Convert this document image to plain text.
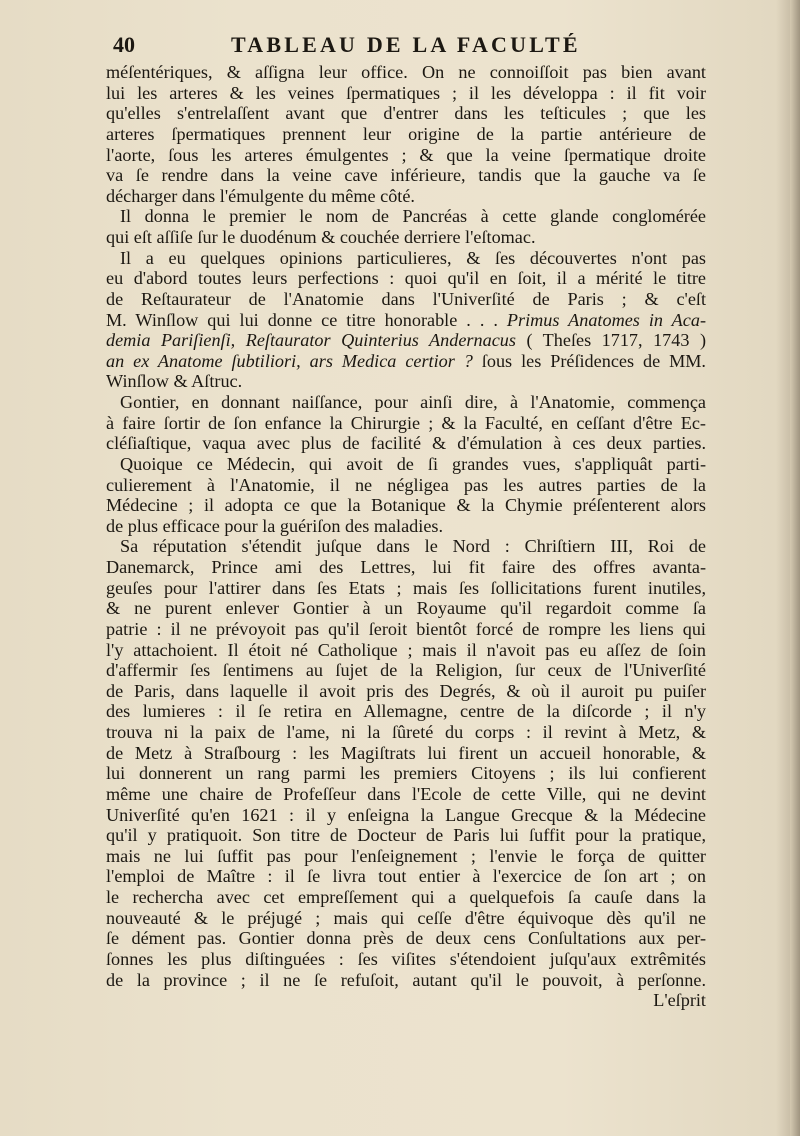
40	TABLEAU DE LA FACULTÉ
méſentériques, & aſſigna leur office. On ne connoiſſoit pas bien avant
lui les arteres & les veines ſpermatiques ; il les développa : il fit voir
qu'elles s'entrelaſſent avant que d'entrer dans les teſticules ; que les
arteres ſpermatiques prennent leur origine de la partie antérieure de
l'aorte, ſous les arteres émulgentes ; & que la veine ſpermatique droite
va ſe rendre dans la veine cave inférieure, tandis que la gauche va ſe
décharger dans l'émulgente du même côté.
Il donna le premier le nom de Pancréas à cette glande conglomérée
qui eſt aſſiſe ſur le duodénum & couchée derriere l'eſtomac.
Il a eu quelques opinions particulieres, & ſes découvertes n'ont pas
eu d'abord toutes leurs perfections : quoi qu'il en ſoit, il a mérité le titre
de Reſtaurateur de l'Anatomie dans l'Univerſité de Paris ; & c'eſt
M. Winſlow qui lui donne ce titre honorable . . . Primus Anatomes in Aca-
demia Pariſienſi, Reſtaurator Quinterius Andernacus ( Theſes 1717, 1743 )
an ex Anatome ſubtiliori, ars Medica certior ? ſous les Préſidences de MM.
Winſlow & Aſtruc.
Gontier, en donnant naiſſance, pour ainſi dire, à l'Anatomie, commença
à faire ſortir de ſon enfance la Chirurgie ; & la Faculté, en ceſſant d'être Ec-
cléſiaſtique, vaqua avec plus de facilité & d'émulation à ces deux parties.
Quoique ce Médecin, qui avoit de ſi grandes vues, s'appliquât parti-
culierement à l'Anatomie, il ne négligea pas les autres parties de la
Médecine ; il adopta ce que la Botanique & la Chymie préſenterent alors
de plus efficace pour la guériſon des maladies.
Sa réputation s'étendit juſque dans le Nord : Chriſtiern III, Roi de
Danemarck, Prince ami des Lettres, lui fit faire des offres avanta-
geuſes pour l'attirer dans ſes Etats ; mais ſes ſollicitations furent inutiles,
& ne purent enlever Gontier à un Royaume qu'il regardoit comme ſa
patrie : il ne prévoyoit pas qu'il ſeroit bientôt forcé de rompre les liens qui
l'y attachoient. Il étoit né Catholique ; mais il n'avoit pas eu aſſez de ſoin
d'affermir ſes ſentimens au ſujet de la Religion, ſur ceux de l'Univerſité
de Paris, dans laquelle il avoit pris des Degrés, & où il auroit pu puiſer
des lumieres : il ſe retira en Allemagne, centre de la diſcorde ; il n'y
trouva ni la paix de l'ame, ni la ſûreté du corps : il revint à Metz, &
de Metz à Straſbourg : les Magiſtrats lui firent un accueil honorable, &
lui donnerent un rang parmi les premiers Citoyens ; ils lui confierent
même une chaire de Profeſſeur dans l'Ecole de cette Ville, qui ne devint
Univerſité qu'en 1621 : il y enſeigna la Langue Grecque & la Médecine
qu'il y pratiquoit. Son titre de Docteur de Paris lui ſuffit pour la pratique,
mais ne lui ſuffit pas pour l'enſeignement ; l'envie le força de quitter
l'emploi de Maître : il ſe livra tout entier à l'exercice de ſon art ; on
le rechercha avec cet empreſſement qui a quelquefois ſa cauſe dans la
nouveauté & le préjugé ; mais qui ceſſe d'être équivoque dès qu'il ne
ſe dément pas. Gontier donna près de deux cens Conſultations aux per-
ſonnes les plus diſtinguées : ſes viſites s'étendoient juſqu'aux extrêmités
de la province ; il ne ſe refuſoit, autant qu'il le pouvoit, à perſonne.
L'eſprit
